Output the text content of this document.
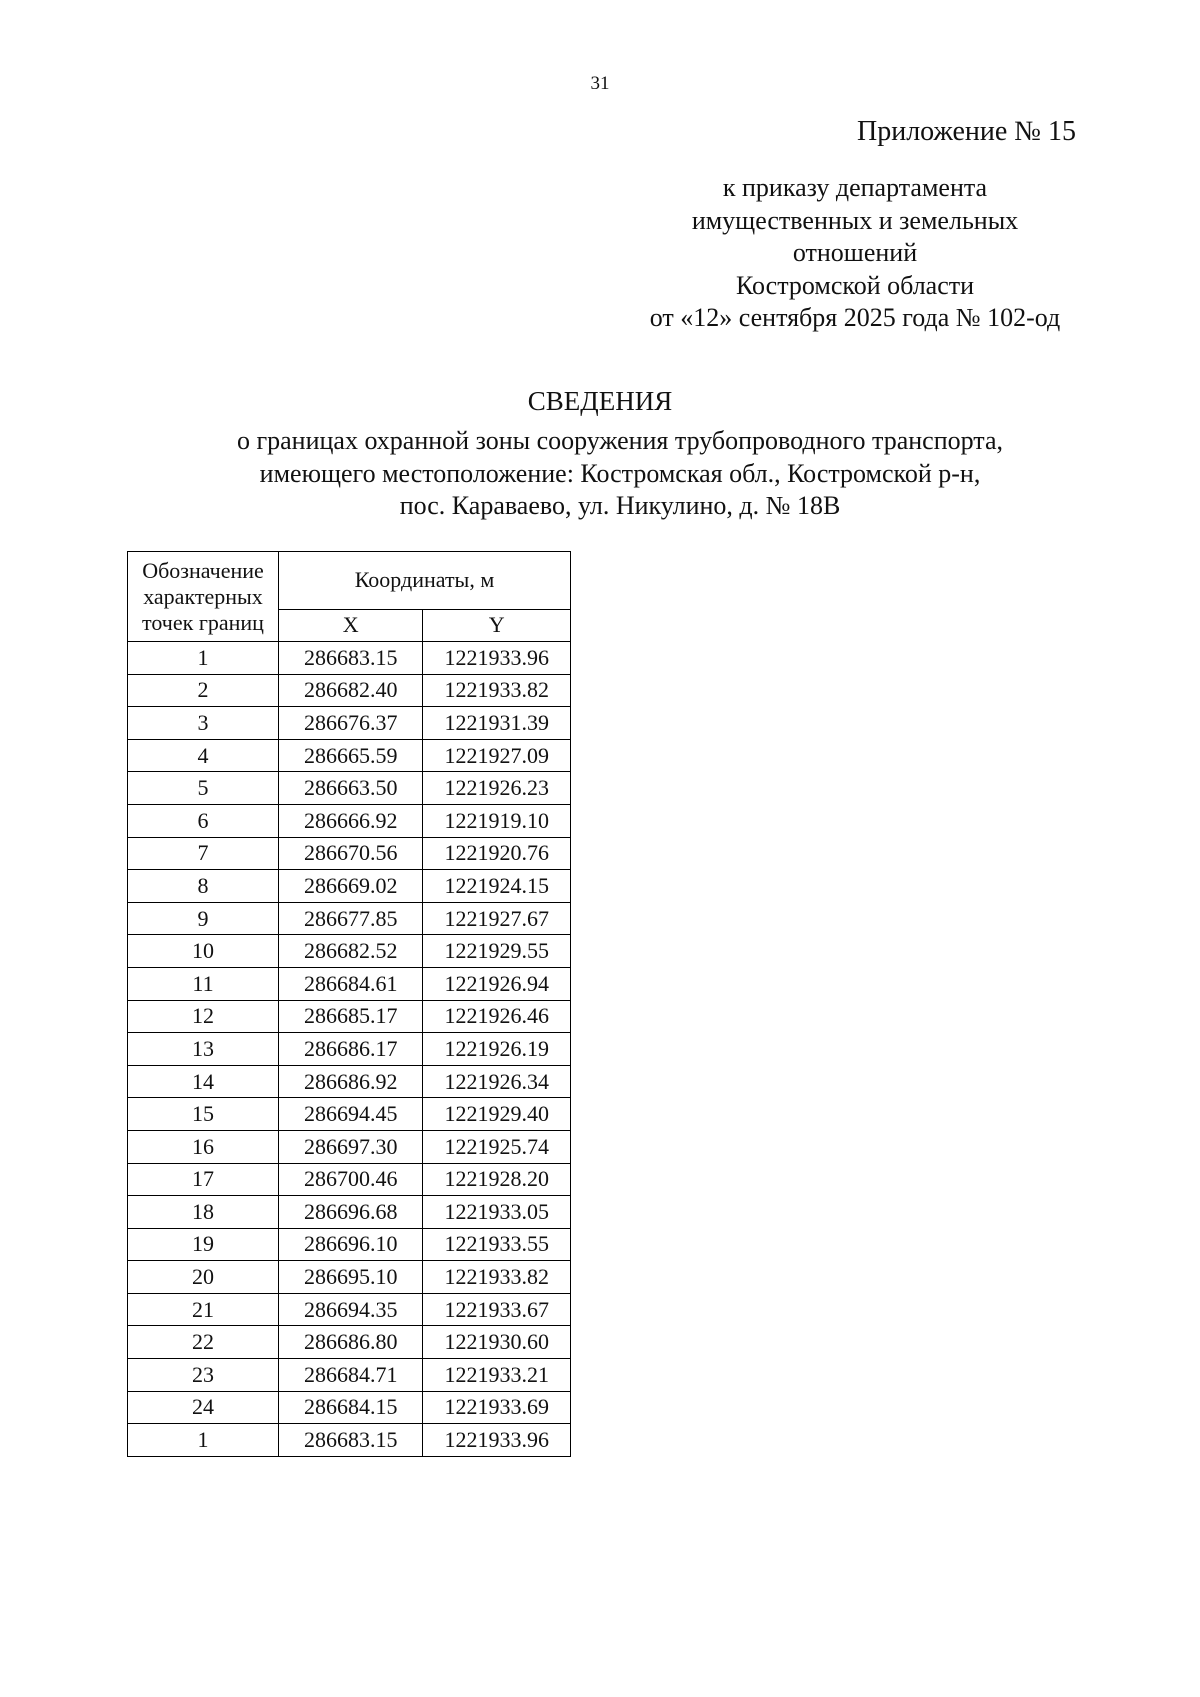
31
Приложение № 15
к приказу департамента
имущественных и земельных
отношений
Костромской области
от «12» сентября 2025 года № 102-од
СВЕДЕНИЯ
о границах охранной зоны сооружения трубопроводного транспорта,
имеющего местоположение: Костромская обл., Костромской р-н,
пос. Караваево, ул. Никулино, д. № 18В
Обозначение
характерных
точек границ	Координаты, м	
	X	Y
1	286683.15	1221933.96
2	286682.40	1221933.82
3	286676.37	1221931.39
4	286665.59	1221927.09
5	286663.50	1221926.23
6	286666.92	1221919.10
7	286670.56	1221920.76
8	286669.02	1221924.15
9	286677.85	1221927.67
10	286682.52	1221929.55
11	286684.61	1221926.94
12	286685.17	1221926.46
13	286686.17	1221926.19
14	286686.92	1221926.34
15	286694.45	1221929.40
16	286697.30	1221925.74
17	286700.46	1221928.20
18	286696.68	1221933.05
19	286696.10	1221933.55
20	286695.10	1221933.82
21	286694.35	1221933.67
22	286686.80	1221930.60
23	286684.71	1221933.21
24	286684.15	1221933.69
1	286683.15	1221933.96
